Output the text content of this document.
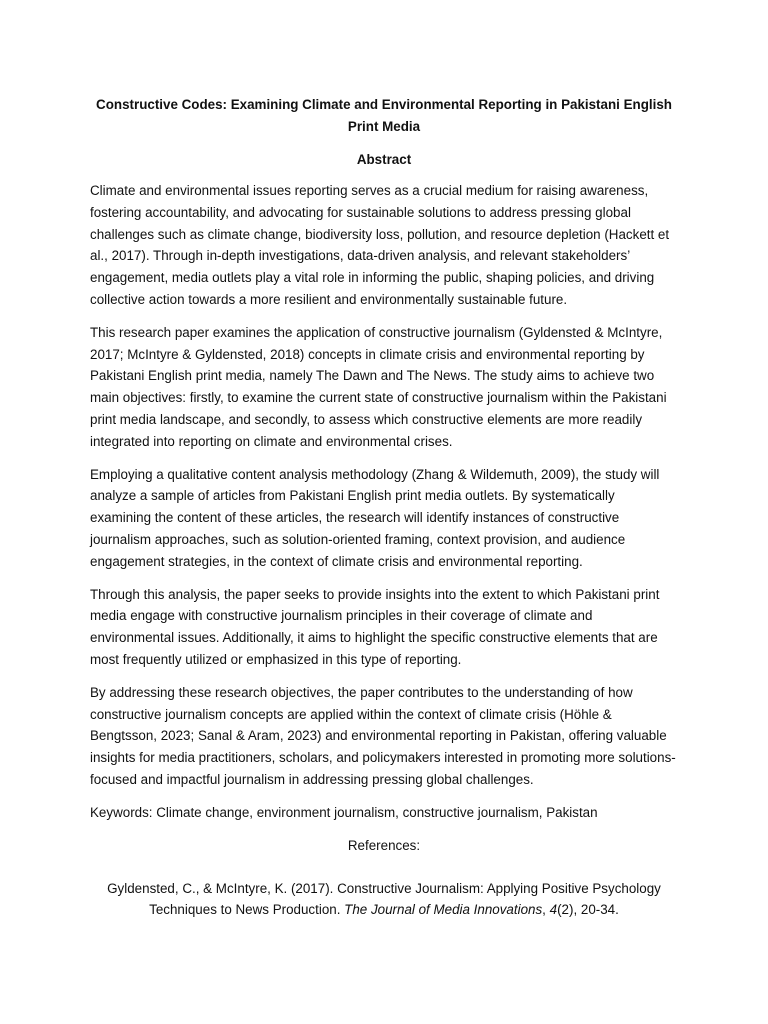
Constructive Codes: Examining Climate and Environmental Reporting in Pakistani English Print Media
Abstract

Climate and environmental issues reporting serves as a crucial medium for raising awareness, fostering accountability, and advocating for sustainable solutions to address pressing global challenges such as climate change, biodiversity loss, pollution, and resource depletion (Hackett et al., 2017). Through in-depth investigations, data-driven analysis, and relevant stakeholders’ engagement, media outlets play a vital role in informing the public, shaping policies, and driving collective action towards a more resilient and environmentally sustainable future.

This research paper examines the application of constructive journalism (Gyldensted & McIntyre, 2017; McIntyre & Gyldensted, 2018) concepts in climate crisis and environmental reporting by Pakistani English print media, namely The Dawn and The News. The study aims to achieve two main objectives: firstly, to examine the current state of constructive journalism within the Pakistani print media landscape, and secondly, to assess which constructive elements are more readily integrated into reporting on climate and environmental crises.

Employing a qualitative content analysis methodology (Zhang & Wildemuth, 2009), the study will analyze a sample of articles from Pakistani English print media outlets. By systematically examining the content of these articles, the research will identify instances of constructive journalism approaches, such as solution-oriented framing, context provision, and audience engagement strategies, in the context of climate crisis and environmental reporting.

Through this analysis, the paper seeks to provide insights into the extent to which Pakistani print media engage with constructive journalism principles in their coverage of climate and environmental issues. Additionally, it aims to highlight the specific constructive elements that are most frequently utilized or emphasized in this type of reporting.

By addressing these research objectives, the paper contributes to the understanding of how constructive journalism concepts are applied within the context of climate crisis (Höhle & Bengtsson, 2023; Sanal & Aram, 2023) and environmental reporting in Pakistan, offering valuable insights for media practitioners, scholars, and policymakers interested in promoting more solutions-focused and impactful journalism in addressing pressing global challenges.

Keywords: Climate change, environment journalism, constructive journalism, Pakistan

References:

Gyldensted, C., & McIntyre, K. (2017). Constructive Journalism: Applying Positive Psychology Techniques to News Production. The Journal of Media Innovations, 4(2), 20-34.
